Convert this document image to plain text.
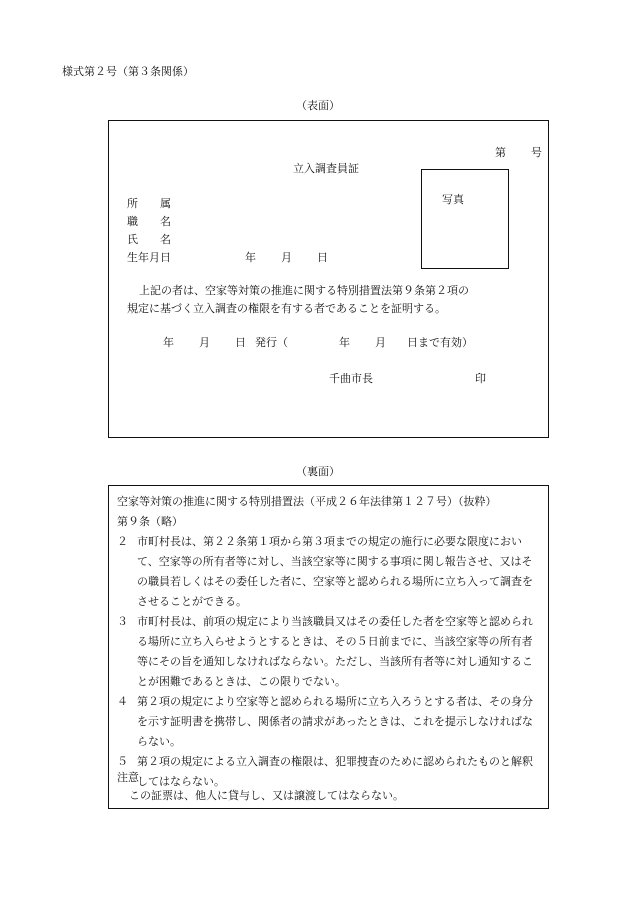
様式第２号（第３条関係）
（表面）
第 号
立入調査員証
写真
所　　属
職　　名
氏　　名
生年月日	年 月 日
上記の者は、空家等対策の推進に関する特別措置法第９条第２項の
規定に基づく立入調査の権限を有する者であることを証明する。
年 月 日 発行（	年 月 日まで有効）
千曲市長	印
（裏面）
空家等対策の推進に関する特別措置法（平成２６年法律第１２７号）（抜粋）
第９条（略）
２ 市町村長は、第２２条第１項から第３項までの規定の施行に必要な限度において、空家等の所有者等に対し、当該空家等に関する事項に関し報告させ、又はその職員若しくはその委任した者に、空家等と認められる場所に立ち入って調査をさせることができる。
３ 市町村長は、前項の規定により当該職員又はその委任した者を空家等と認められる場所に立ち入らせようとするときは、その５日前までに、当該空家等の所有者等にその旨を通知しなければならない。ただし、当該所有者等に対し通知することが困難であるときは、この限りでない。
４ 第２項の規定により空家等と認められる場所に立ち入ろうとする者は、その身分を示す証明書を携帯し、関係者の請求があったときは、これを提示しなければならない。
５ 第２項の規定による立入調査の権限は、犯罪捜査のために認められたものと解釈してはならない。
注意
この証票は、他人に貸与し、又は譲渡してはならない。
